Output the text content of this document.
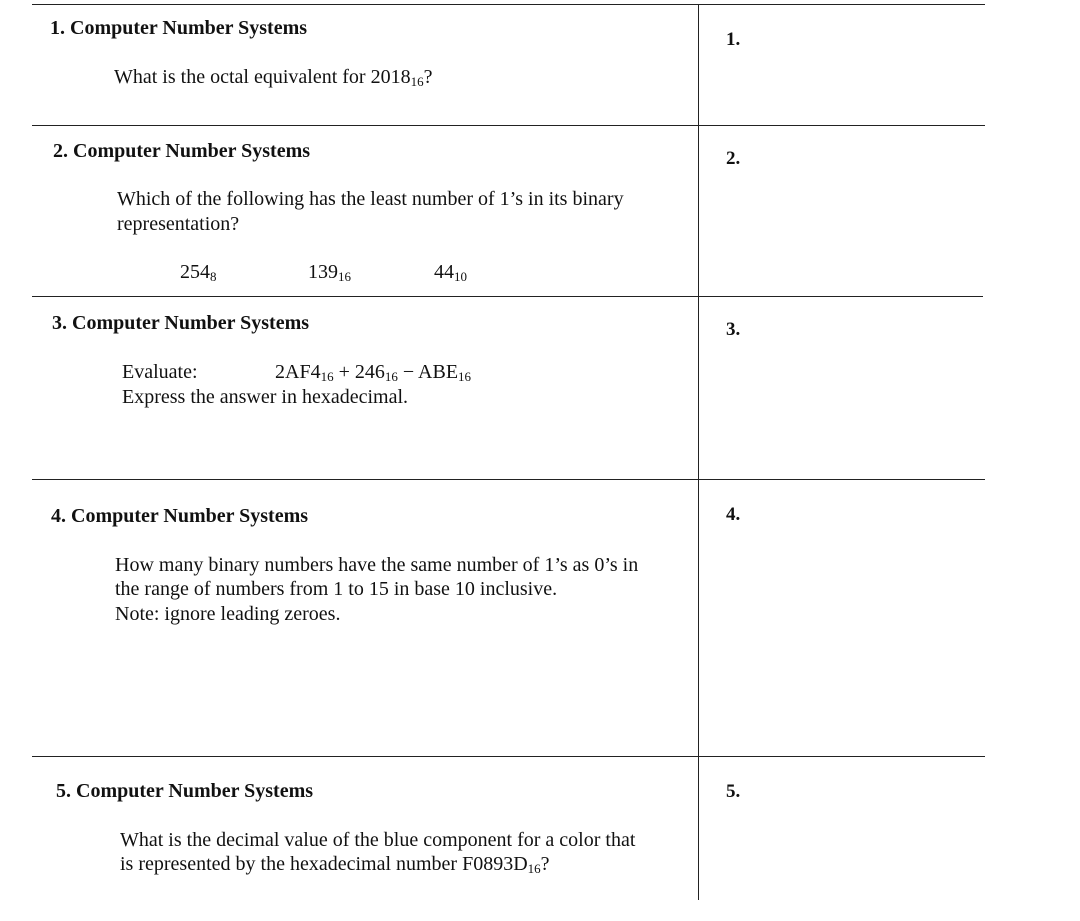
1. Computer Number Systems
What is the octal equivalent for $2018_{16}$?
1.
2. Computer Number Systems
Which of the following has the least number of 1’s in its binary
representation?
$254_8$	$139_{16}$	$44_{10}$
2.
3. Computer Number Systems
Evaluate:	$2AF4_{16} + 246_{16} - ABE_{16}$
Express the answer in hexadecimal.
3.
4. Computer Number Systems
How many binary numbers have the same number of 1’s as 0’s in
the range of numbers from 1 to 15 in base 10 inclusive.
Note: ignore leading zeroes.
4.
5. Computer Number Systems
What is the decimal value of the blue component for a color that
is represented by the hexadecimal number $F0893D_{16}$?
5.
